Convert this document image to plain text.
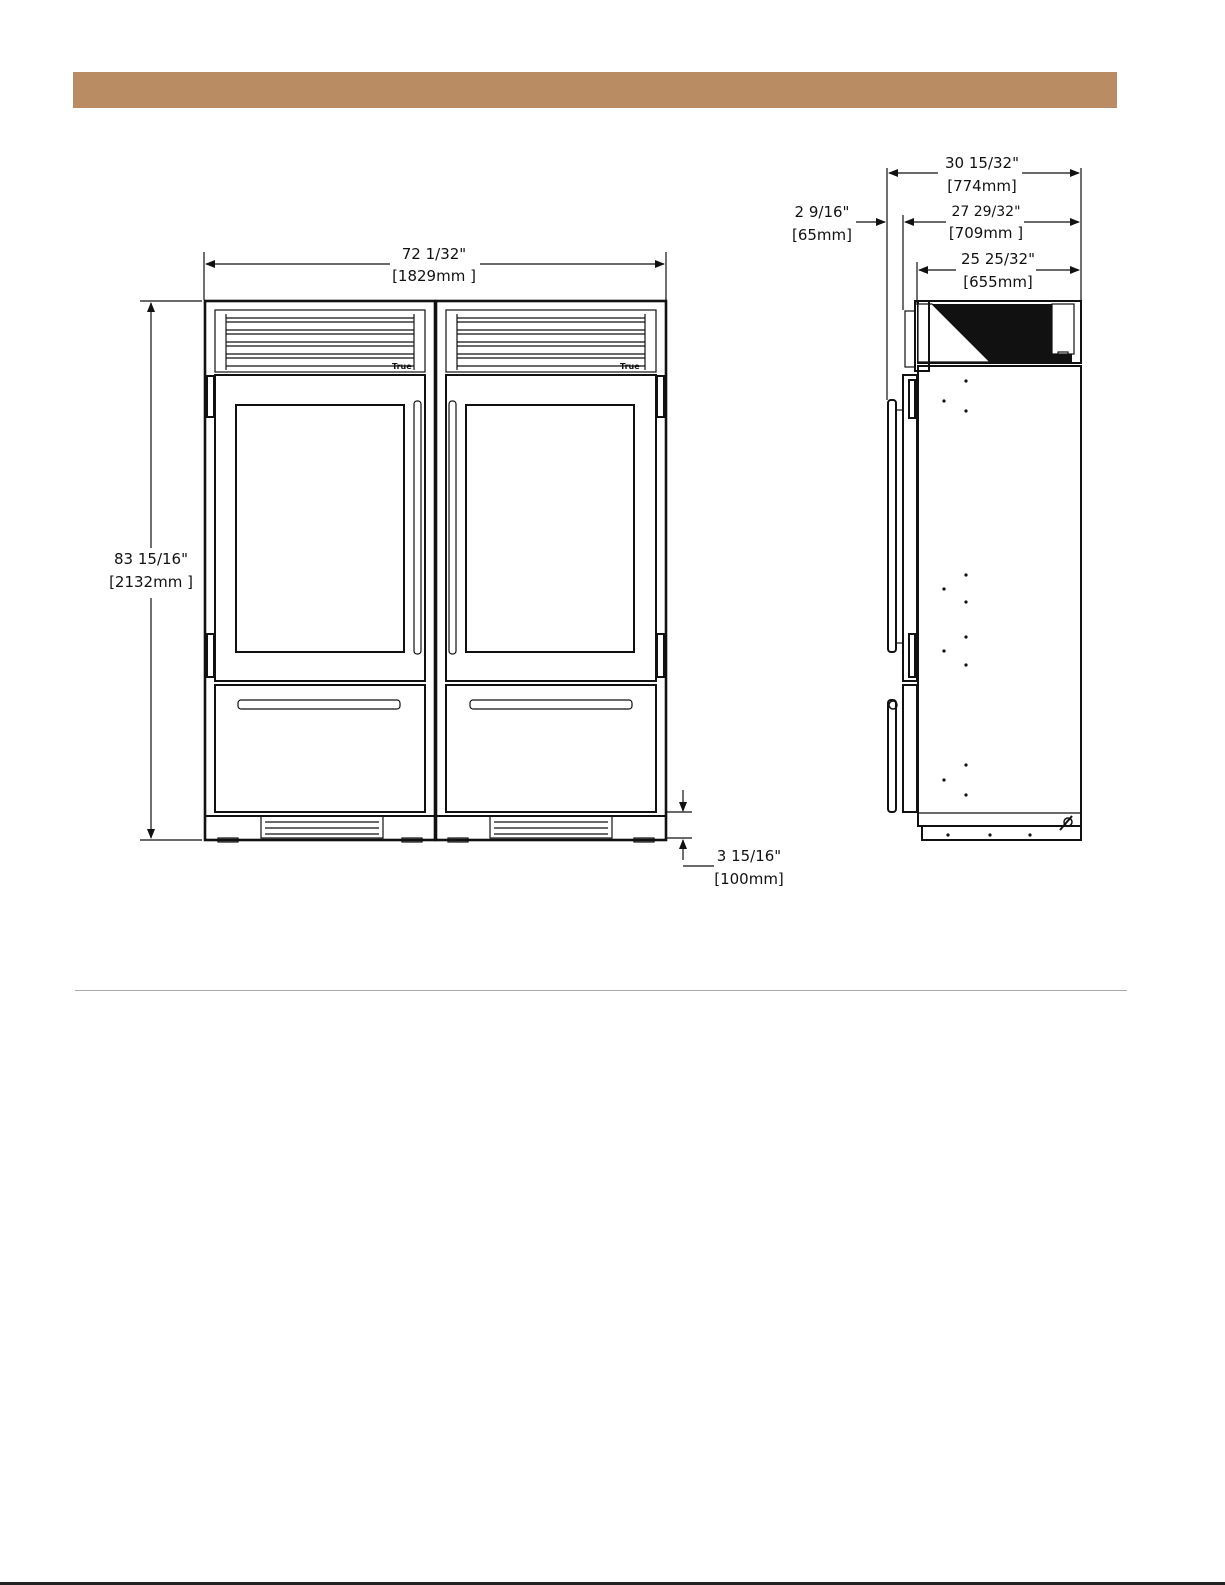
72 1/32"
[1829mm ]
83 15/16"
[2132mm ]
3 15/16"
[100mm]
True	True
30 15/32"
[774mm]
2 9/16"
[65mm]
27 29/32"
[709mm ]
25 25/32"
[655mm]
